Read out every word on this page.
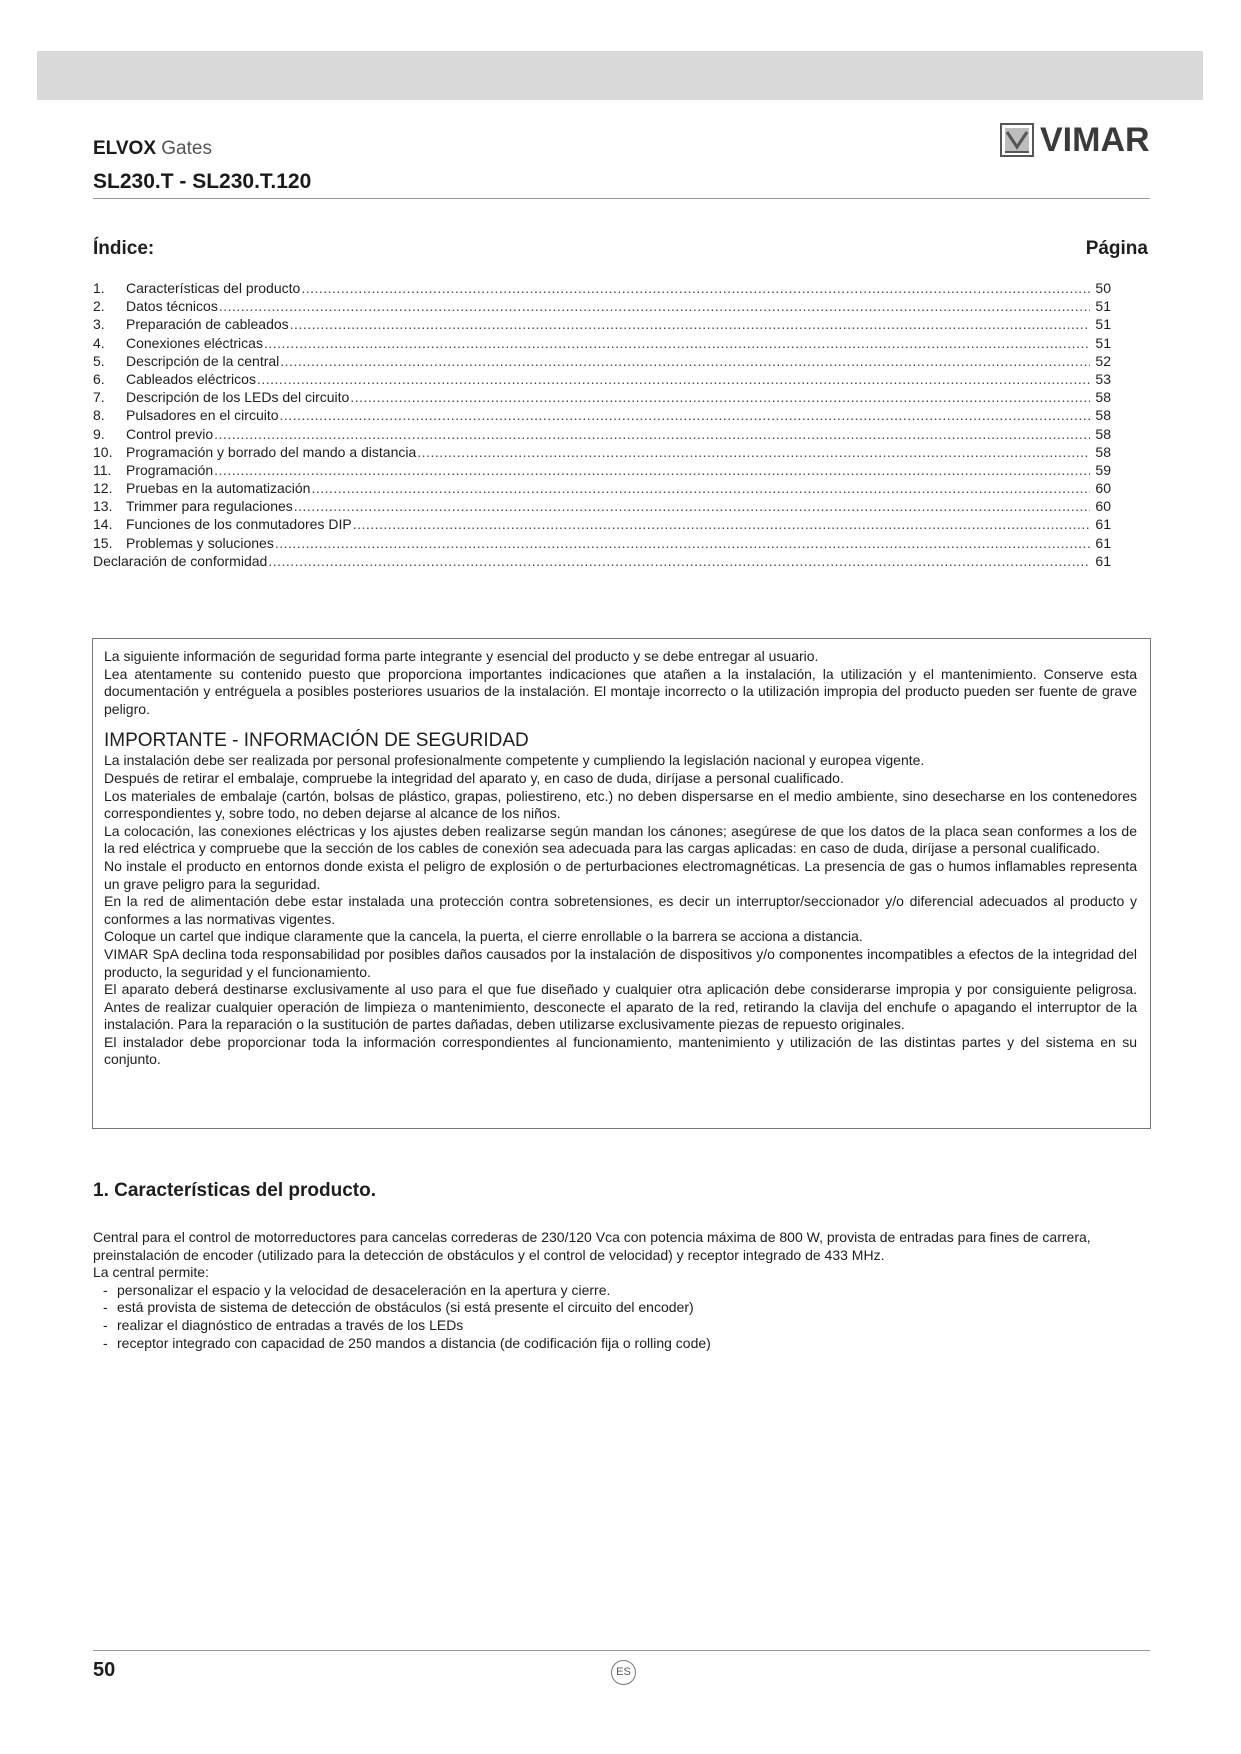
ELVOX Gates	VIMAR
SL230.T - SL230.T.120
Índice:	Página
1.	Características del producto .....	50
2.	Datos técnicos .....	51
3.	Preparación de cableados .....	51
4.	Conexiones eléctricas .....	51
5.	Descripción de la central .....	52
6.	Cableados eléctricos .....	53
7.	Descripción de los LEDs del circuito .....	58
8.	Pulsadores en el circuito .....	58
9.	Control previo .....	58
10. Programación y borrado del mando a distancia .....	58
11.	Programación .....	59
12. Pruebas en la automatización .....	60
13. Trimmer para regulaciones .....	60
14. Funciones de los conmutadores DIP .....	61
15. Problemas y soluciones .....	61
Declaración de conformidad .....	61

La siguiente información de seguridad forma parte integrante y esencial del producto y se debe entregar al usuario.

Lea atentamente su contenido puesto que proporciona importantes indicaciones que atañen a la instalación, la utilización y el mantenimiento. Conserve esta documentación y entréguela a posibles posteriores usuarios de la instalación. El montaje incorrecto o la utilización impropia del producto pueden ser fuente de grave peligro.

IMPORTANTE - INFORMACIÓN DE SEGURIDAD

La instalación debe ser realizada por personal profesionalmente competente y cumpliendo la legislación nacional y europea vigente.

Después de retirar el embalaje, compruebe la integridad del aparato y, en caso de duda, diríjase a personal cualificado.

Los materiales de embalaje (cartón, bolsas de plástico, grapas, poliestireno, etc.) no deben dispersarse en el medio ambiente, sino desecharse en los contenedores correspondientes y, sobre todo, no deben dejarse al alcance de los niños.

La colocación, las conexiones eléctricas y los ajustes deben realizarse según mandan los cánones; asegúrese de que los datos de la placa sean conformes a los de la red eléctrica y compruebe que la sección de los cables de conexión sea adecuada para las cargas aplicadas: en caso de duda, diríjase a personal cualificado.

No instale el producto en entornos donde exista el peligro de explosión o de perturbaciones electromagnéticas. La presencia de gas o humos inflamables representa un grave peligro para la seguridad.

En la red de alimentación debe estar instalada una protección contra sobretensiones, es decir un interruptor/seccionador y/o diferencial adecuados al producto y conformes a las normativas vigentes.

Coloque un cartel que indique claramente que la cancela, la puerta, el cierre enrollable o la barrera se acciona a distancia.

VIMAR SpA declina toda responsabilidad por posibles daños causados por la instalación de dispositivos y/o componentes incompatibles a efectos de la integridad del producto, la seguridad y el funcionamiento.

El aparato deberá destinarse exclusivamente al uso para el que fue diseñado y cualquier otra aplicación debe considerarse impropia y por consiguiente peligrosa. Antes de realizar cualquier operación de limpieza o mantenimiento, desconecte el aparato de la red, retirando la clavija del enchufe o apagando el interruptor de la instalación. Para la reparación o la sustitución de partes dañadas, deben utilizarse exclusivamente piezas de repuesto originales.

El instalador debe proporcionar toda la información correspondientes al funcionamiento, mantenimiento y utilización de las distintas partes y del sistema en su conjunto.

1. Características del producto.

Central para el control de motorreductores para cancelas correderas de 230/120 Vca con potencia máxima de 800 W, provista de entradas para fines de carrera, preinstalación de encoder (utilizado para la detección de obstáculos y el control de velocidad) y receptor integrado de 433 MHz.

La central permite:

- personalizar el espacio y la velocidad de desaceleración en la apertura y cierre.
- está provista de sistema de detección de obstáculos (si está presente el circuito del encoder)
- realizar el diagnóstico de entradas a través de los LEDs
- receptor integrado con capacidad de 250 mandos a distancia (de codificación fija o rolling code)
50	ES
